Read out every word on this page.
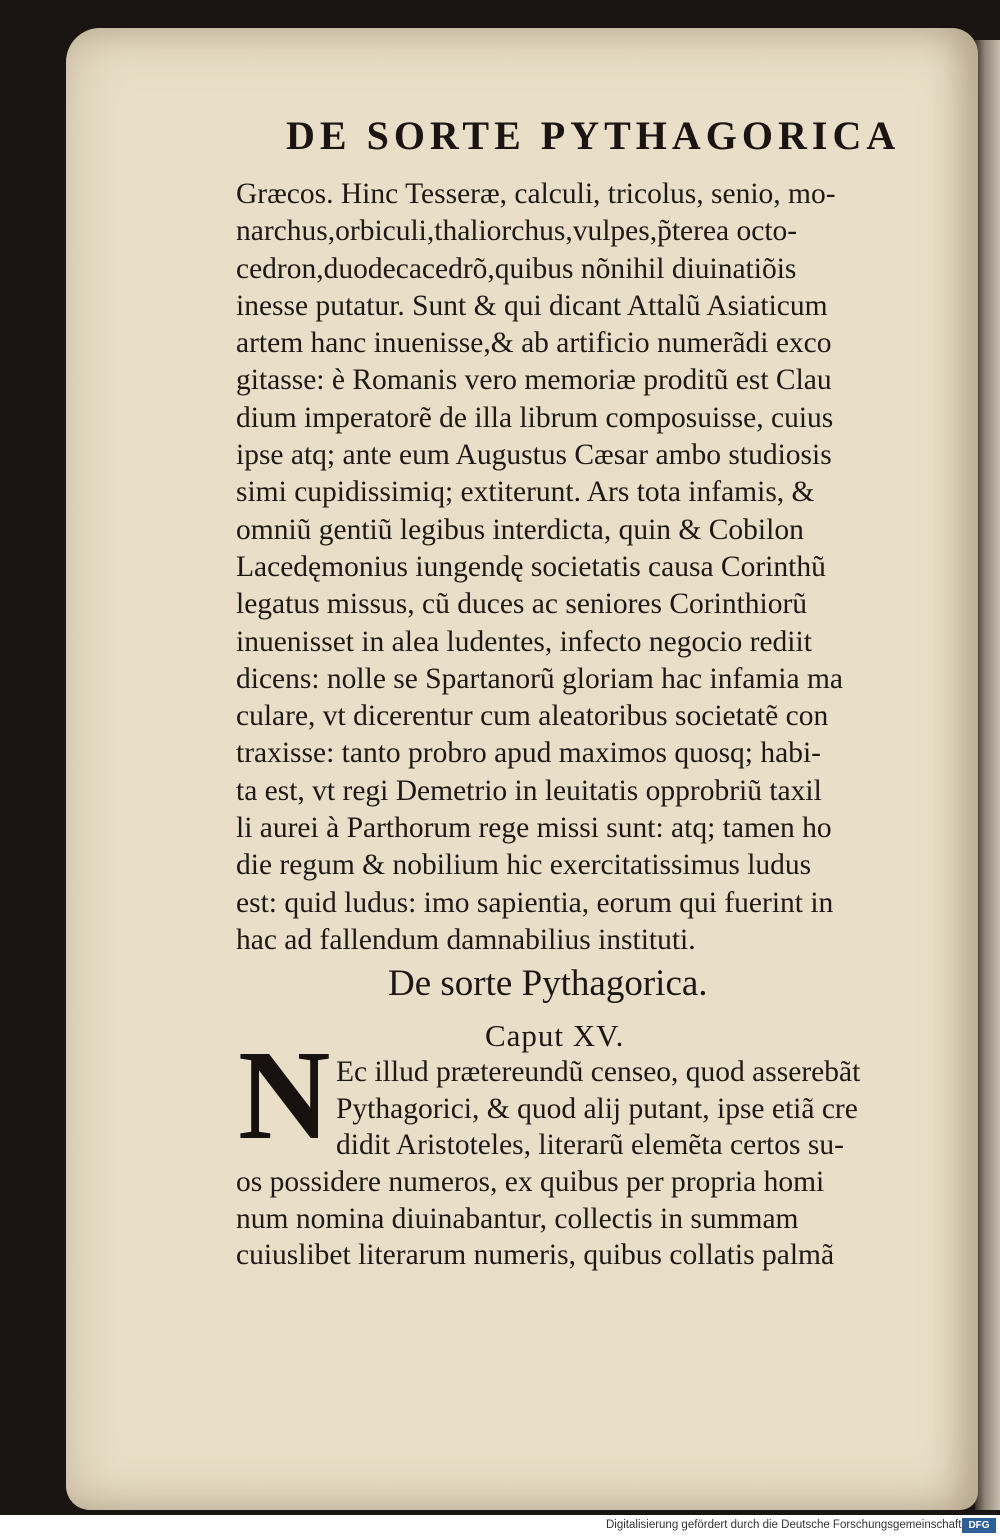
DE SORTE PYTHAGORICA
Græcos. Hinc Tesseræ, calculi, tricolus, senio, mo-
narchus,orbiculi,thaliorchus,vulpes,p̃terea octo-
cedron,duodecacedrõ,quibus nõnihil diuinatiõis
inesse putatur. Sunt & qui dicant Attalũ Asiaticum
artem hanc inuenisse,& ab artificio numerãdi exco
gitasse: è Romanis vero memoriæ proditũ est Clau
dium imperatorẽ de illa librum composuisse, cuius
ipse atq; ante eum Augustus Cæsar ambo studiosis
simi cupidissimiq; extiterunt. Ars tota infamis, &
omniũ gentiũ legibus interdicta, quin & Cobilon
Lacedęmonius iungendę societatis causa Corinthũ
legatus missus, cũ duces ac seniores Corinthiorũ
inuenisset in alea ludentes, infecto negocio rediit
dicens: nolle se Spartanorũ gloriam hac infamia ma
culare, vt dicerentur cum aleatoribus societatẽ con
traxisse: tanto probro apud maximos quosq; habi-
ta est, vt regi Demetrio in leuitatis opprobriũ taxil
li aurei à Parthorum rege missi sunt: atq; tamen ho
die regum & nobilium hic exercitatissimus ludus
est: quid ludus: imo sapientia, eorum qui fuerint in
hac ad fallendum damnabilius instituti.
De sorte Pythagorica.
Caput XV.
N Ec illud prætereundũ censeo, quod asserebãt
Pythagorici, & quod alij putant, ipse etiã cre
didit Aristoteles, literarũ elemẽta certos su-
os possidere numeros, ex quibus per propria homi
num nomina diuinabantur, collectis in summam
cuiuslibet literarum numeris, quibus collatis palmã
Digitalisierung gefördert durch die Deutsche Forschungsgemeinschaft DFG
